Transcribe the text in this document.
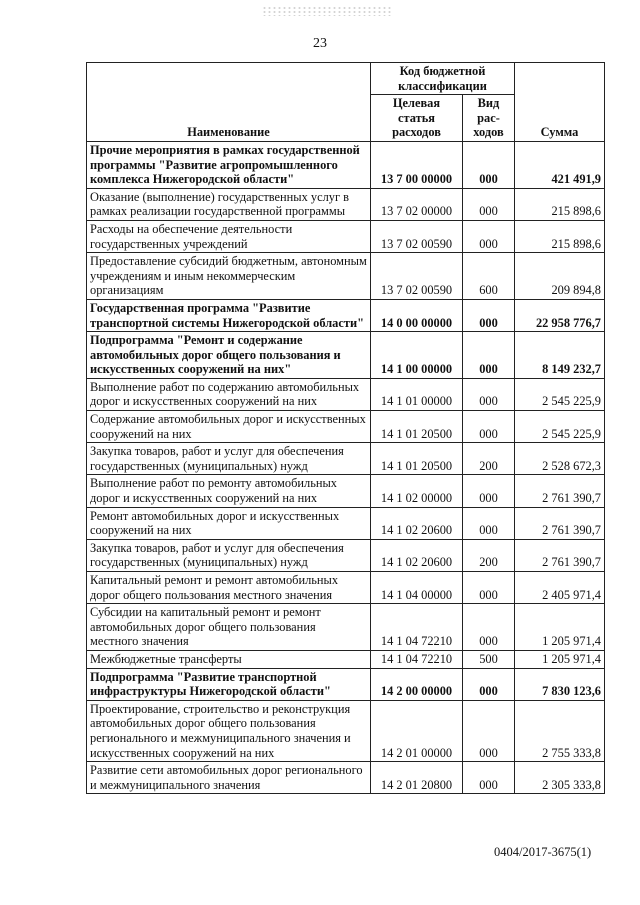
23
Наименование	Код бюджетной классификации		Сумма
	Целевая статья расходов	Вид рас-ходов	
Прочие мероприятия в рамках государственной программы "Развитие агропромышленного комплекса Нижегородской области"	13 7 00 00000	000	421 491,9
Оказание (выполнение) государственных услуг в рамках реализации государственной программы	13 7 02 00000	000	215 898,6
Расходы на обеспечение деятельности государственных учреждений	13 7 02 00590	000	215 898,6
Предоставление субсидий бюджетным, автономным учреждениям и иным некоммерческим организациям	13 7 02 00590	600	209 894,8
Государственная программа "Развитие транспортной системы Нижегородской области"	14 0 00 00000	000	22 958 776,7
Подпрограмма "Ремонт и содержание автомобильных дорог общего пользования и искусственных сооружений на них"	14 1 00 00000	000	8 149 232,7
Выполнение работ по содержанию автомобильных дорог и искусственных сооружений на них	14 1 01 00000	000	2 545 225,9
Содержание автомобильных дорог и искусственных сооружений на них	14 1 01 20500	000	2 545 225,9
Закупка товаров, работ и услуг для обеспечения государственных (муниципальных) нужд	14 1 01 20500	200	2 528 672,3
Выполнение работ по ремонту автомобильных дорог и искусственных сооружений на них	14 1 02 00000	000	2 761 390,7
Ремонт автомобильных дорог и искусственных сооружений на них	14 1 02 20600	000	2 761 390,7
Закупка товаров, работ и услуг для обеспечения государственных (муниципальных) нужд	14 1 02 20600	200	2 761 390,7
Капитальный ремонт и ремонт автомобильных дорог общего пользования местного значения	14 1 04 00000	000	2 405 971,4
Субсидии на капитальный ремонт и ремонт автомобильных дорог общего пользования местного значения	14 1 04 72210	000	1 205 971,4
Межбюджетные трансферты	14 1 04 72210	500	1 205 971,4
Подпрограмма "Развитие транспортной инфраструктуры Нижегородской области"	14 2 00 00000	000	7 830 123,6
Проектирование, строительство и реконструкция автомобильных дорог общего пользования регионального и межмуниципального значения и искусственных сооружений на них	14 2 01 00000	000	2 755 333,8
Развитие сети автомобильных дорог регионального и межмуниципального значения	14 2 01 20800	000	2 305 333,8
0404/2017-3675(1)
